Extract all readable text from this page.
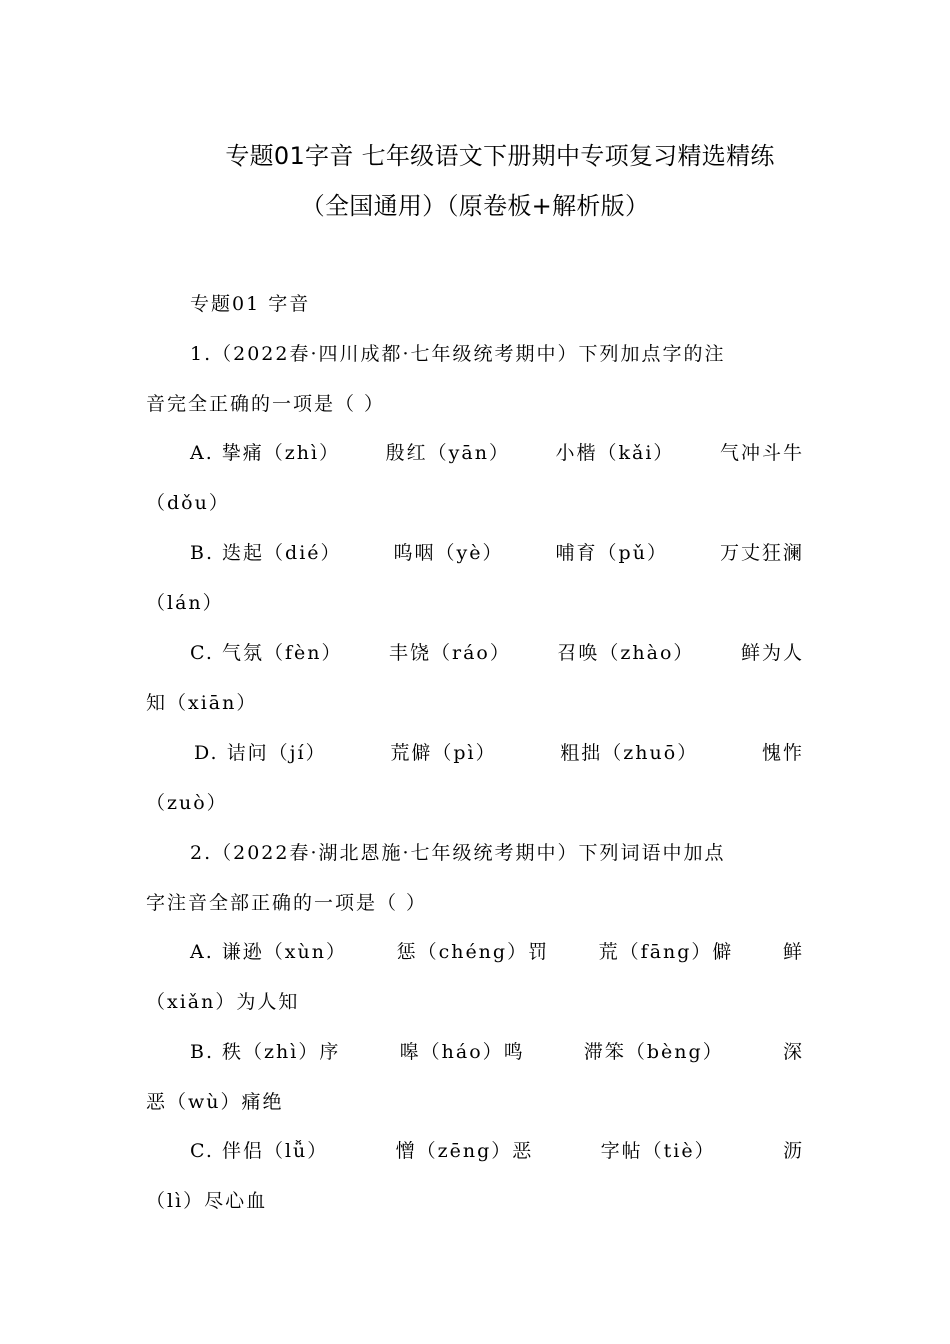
专题01字音 七年级语文下册期中专项复习精选精练
（全国通用）（原卷板+解析版）
专题01 字音
1.（2022春·四川成都·七年级统考期中）下列加点字的注
音完全正确的一项是（ ）
A. 挚痛（zhì） 殷红（yān） 小楷（kǎi） 气冲斗牛
（dǒu）
B. 迭起（dié）	呜咽（yè）	哺育（pǔ）	万丈狂澜
（lán）
C. 气氛（fèn） 丰饶（ráo） 召唤（zhào） 鲜为人
知（xiān）
D. 诘问（jí）	荒僻（pì）	粗拙（zhuō）	愧怍
（zuò）
2.（2022春·湖北恩施·七年级统考期中）下列词语中加点
字注音全部正确的一项是（ ）
A. 谦逊（xùn）	惩（chéng）罚	荒（fāng）僻	鲜
（xiǎn）为人知
B. 秩（zhì）序	嗥（háo）鸣	滞笨（bèng）	深
恶（wù）痛绝
C. 伴侣（lǚ）	憎（zēng）恶	字帖（tiè）	沥
（lì）尽心血
